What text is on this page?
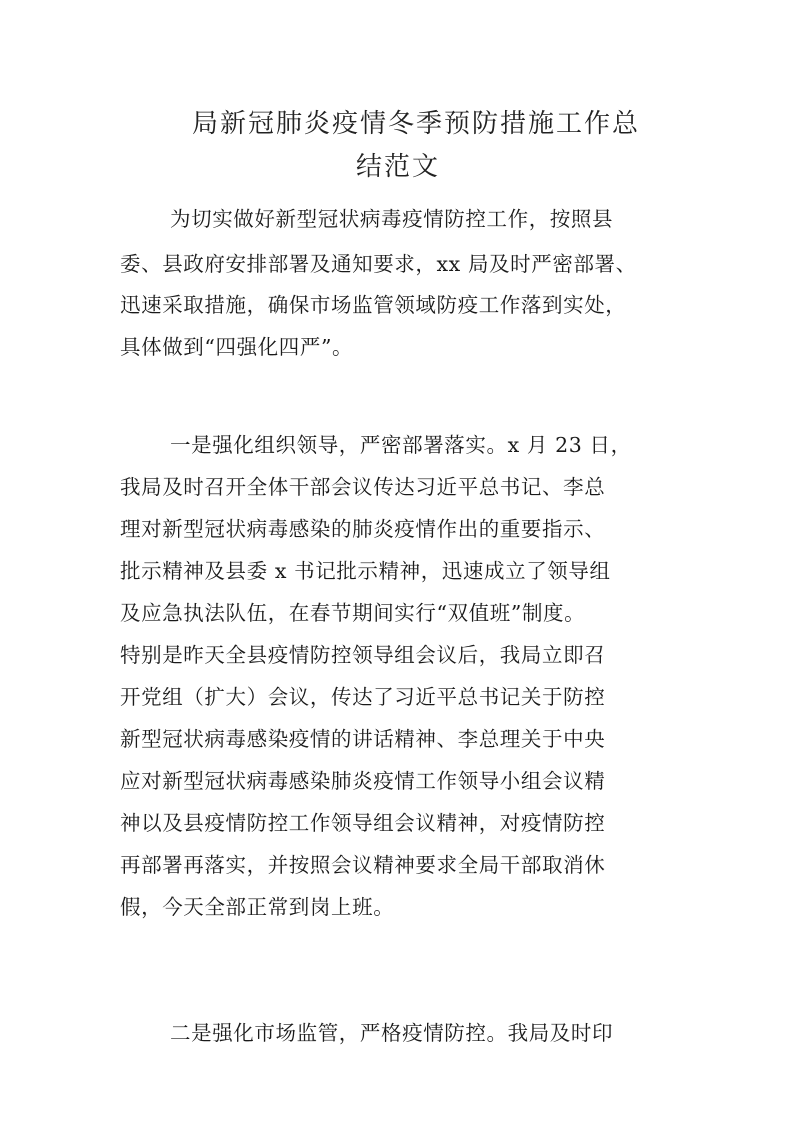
局新冠肺炎疫情冬季预防措施工作总
结范文
为切实做好新型冠状病毒疫情防控工作，按照县
委、县政府安排部署及通知要求，xx 局及时严密部署、
迅速采取措施，确保市场监管领域防疫工作落到实处，
具体做到“四强化四严”。
一是强化组织领导，严密部署落实。x 月 23 日，
我局及时召开全体干部会议传达习近平总书记、李总
理对新型冠状病毒感染的肺炎疫情作出的重要指示、
批示精神及县委 x 书记批示精神，迅速成立了领导组
及应急执法队伍，在春节期间实行“双值班”制度。
特别是昨天全县疫情防控领导组会议后，我局立即召
开党组（扩大）会议，传达了习近平总书记关于防控
新型冠状病毒感染疫情的讲话精神、李总理关于中央
应对新型冠状病毒感染肺炎疫情工作领导小组会议精
神以及县疫情防控工作领导组会议精神，对疫情防控
再部署再落实，并按照会议精神要求全局干部取消休
假，今天全部正常到岗上班。
二是强化市场监管，严格疫情防控。我局及时印
